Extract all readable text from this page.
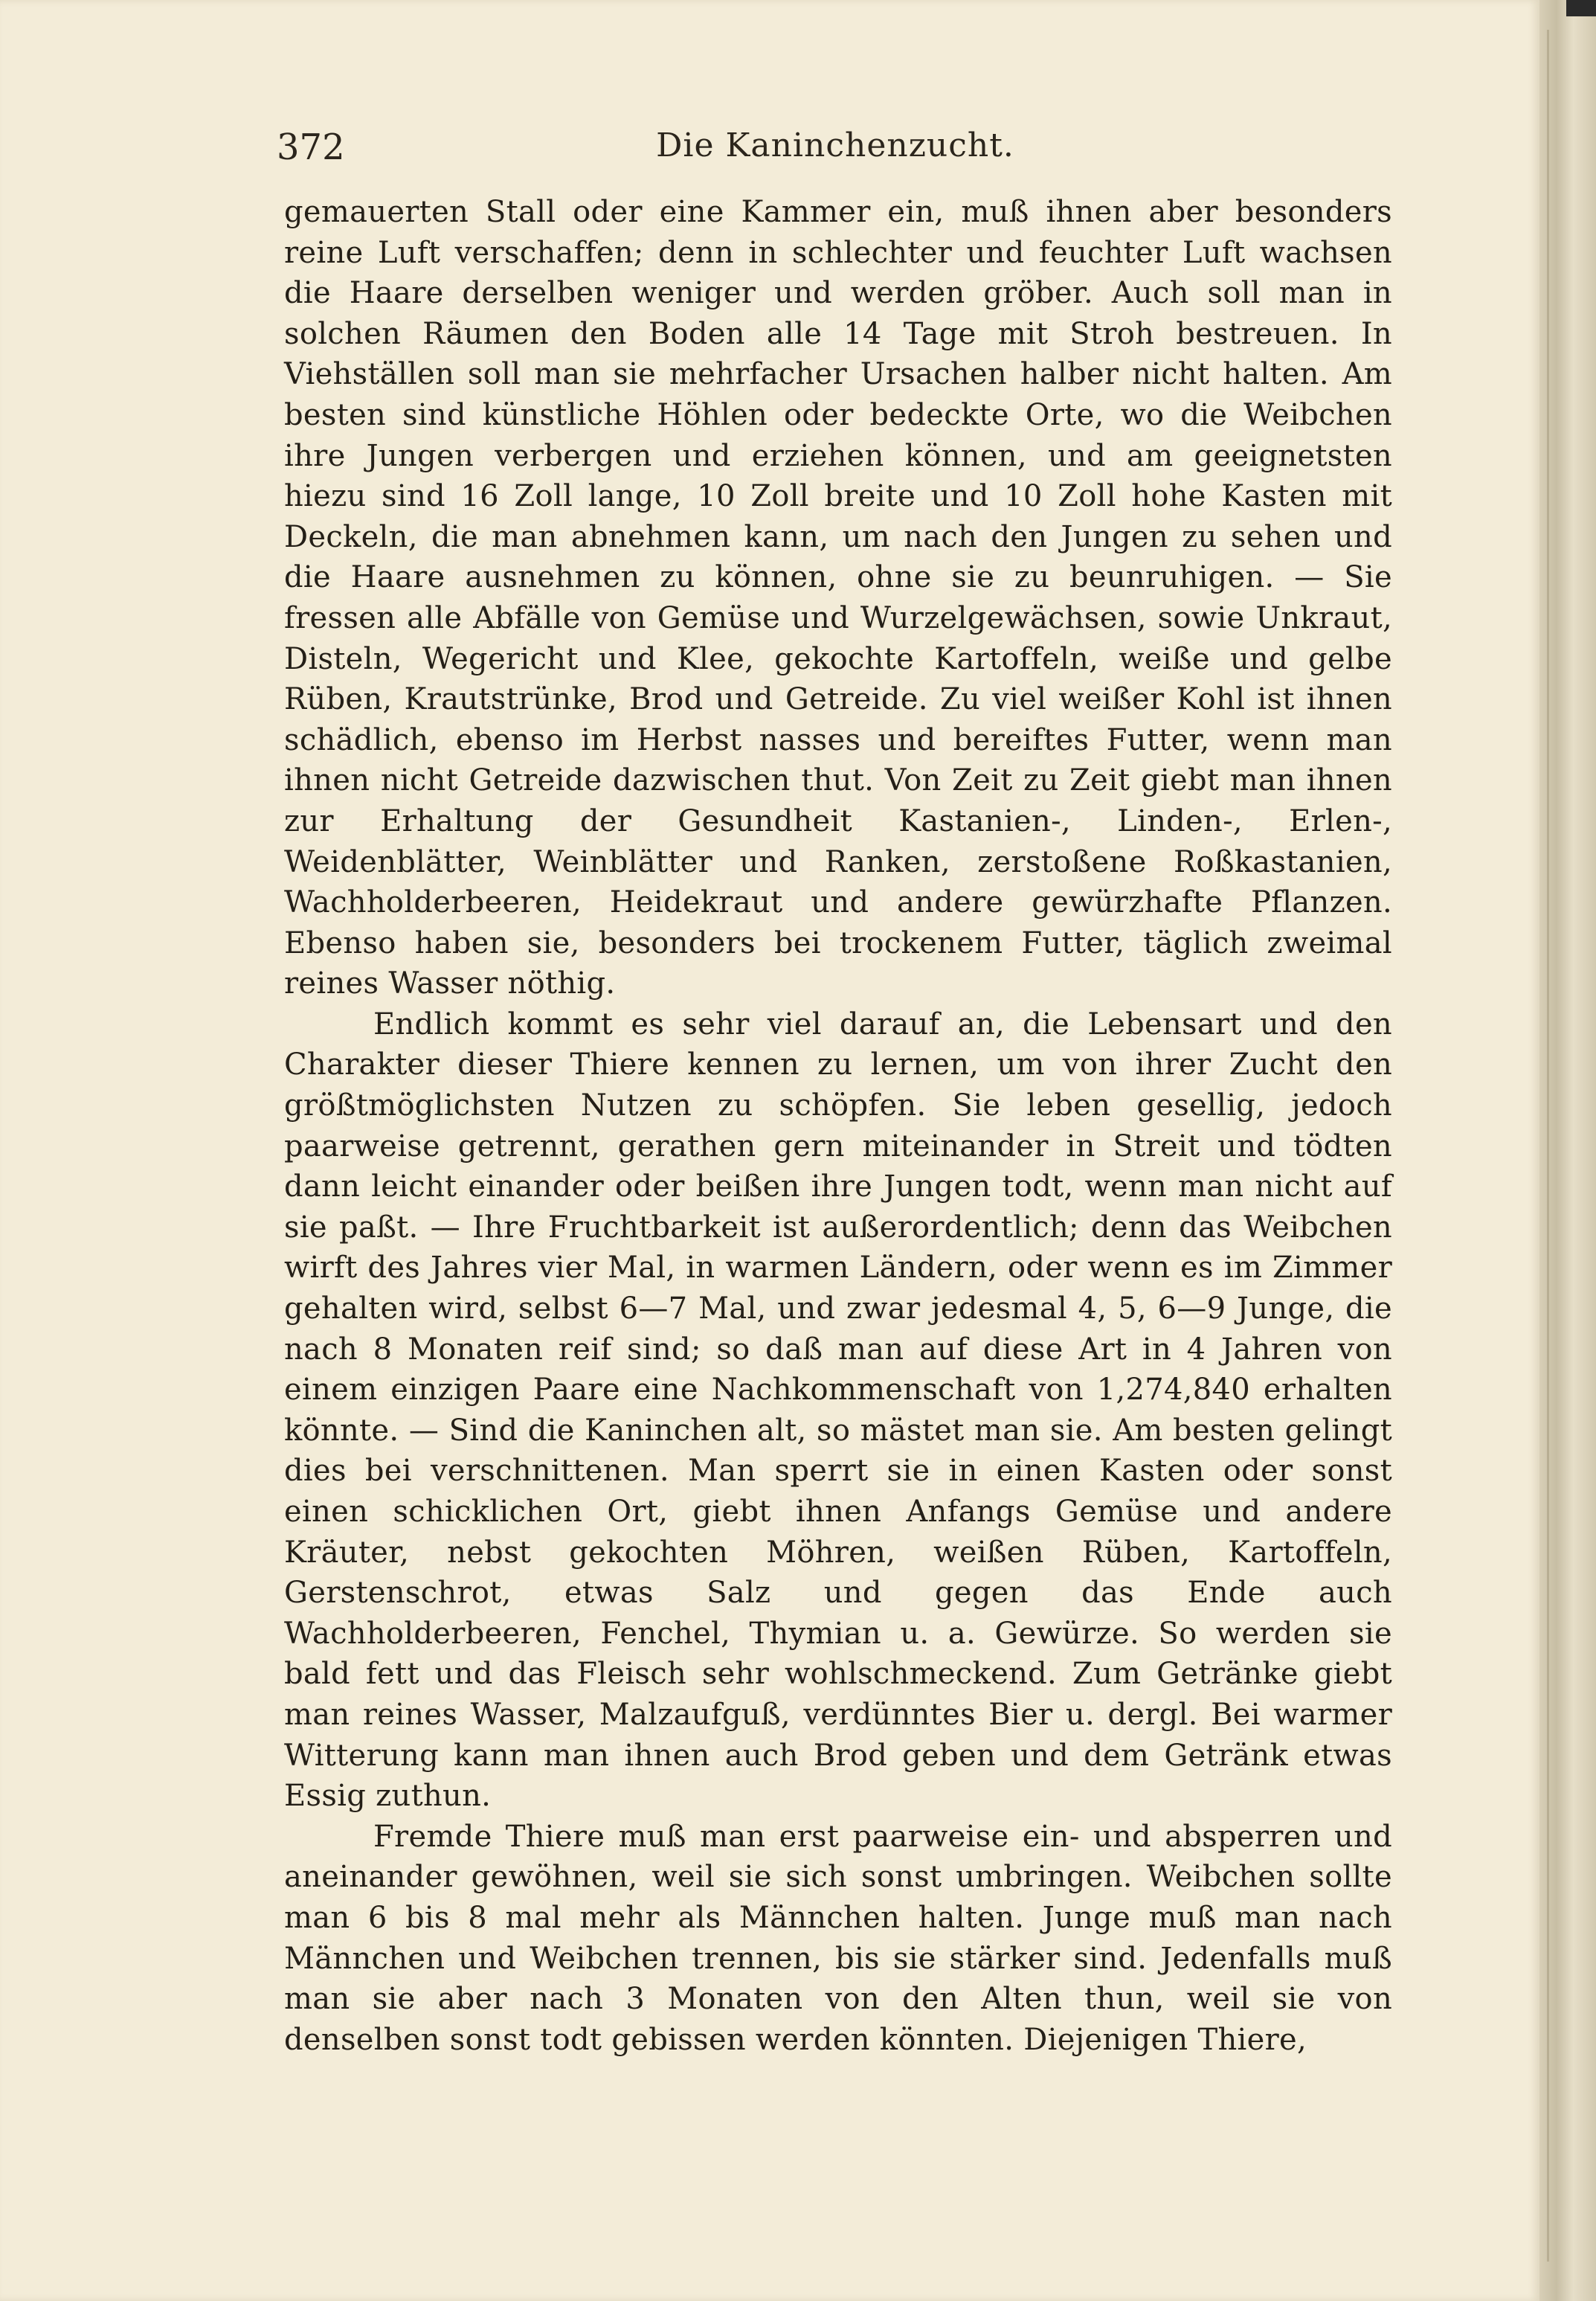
372	Die Kaninchenzucht.

gemauerten Stall oder eine Kammer ein, muß ihnen aber besonders reine Luft verschaffen; denn in schlechter und feuchter Luft wachsen die Haare derselben weniger und werden gröber. Auch soll man in solchen Räumen den Boden alle 14 Tage mit Stroh bestreuen. In Viehställen soll man sie mehrfacher Ursachen halber nicht halten. Am besten sind künstliche Höhlen oder bedeckte Orte, wo die Weibchen ihre Jungen verbergen und erziehen können, und am geeignetsten hiezu sind 16 Zoll lange, 10 Zoll breite und 10 Zoll hohe Kasten mit Deckeln, die man abnehmen kann, um nach den Jungen zu sehen und die Haare ausnehmen zu können, ohne sie zu beunruhigen. — Sie fressen alle Abfälle von Gemüse und Wurzelgewächsen, sowie Unkraut, Disteln, Wegericht und Klee, gekochte Kartoffeln, weiße und gelbe Rüben, Krautstrünke, Brod und Getreide. Zu viel weißer Kohl ist ihnen schädlich, ebenso im Herbst nasses und bereiftes Futter, wenn man ihnen nicht Getreide dazwischen thut. Von Zeit zu Zeit giebt man ihnen zur Erhaltung der Gesundheit Kastanien-, Linden-, Erlen-, Weidenblätter, Weinblätter und Ranken, zerstoßene Roßkastanien, Wachholderbeeren, Heidekraut und andere gewürzhafte Pflanzen. Ebenso haben sie, besonders bei trockenem Futter, täglich zweimal reines Wasser nöthig.

Endlich kommt es sehr viel darauf an, die Lebensart und den Charakter dieser Thiere kennen zu lernen, um von ihrer Zucht den größtmöglichsten Nutzen zu schöpfen. Sie leben gesellig, jedoch paarweise getrennt, gerathen gern miteinander in Streit und tödten dann leicht einander oder beißen ihre Jungen todt, wenn man nicht auf sie paßt. — Ihre Fruchtbarkeit ist außerordentlich; denn das Weibchen wirft des Jahres vier Mal, in warmen Ländern, oder wenn es im Zimmer gehalten wird, selbst 6—7 Mal, und zwar jedesmal 4, 5, 6—9 Junge, die nach 8 Monaten reif sind; so daß man auf diese Art in 4 Jahren von einem einzigen Paare eine Nachkommenschaft von 1,274,840 erhalten könnte. — Sind die Kaninchen alt, so mästet man sie. Am besten gelingt dies bei verschnittenen. Man sperrt sie in einen Kasten oder sonst einen schicklichen Ort, giebt ihnen Anfangs Gemüse und andere Kräuter, nebst gekochten Möhren, weißen Rüben, Kartoffeln, Gerstenschrot, etwas Salz und gegen das Ende auch Wachholderbeeren, Fenchel, Thymian u. a. Gewürze. So werden sie bald fett und das Fleisch sehr wohlschmeckend. Zum Getränke giebt man reines Wasser, Malzaufguß, verdünntes Bier u. dergl. Bei warmer Witterung kann man ihnen auch Brod geben und dem Getränk etwas Essig zuthun.

Fremde Thiere muß man erst paarweise ein- und absperren und aneinander gewöhnen, weil sie sich sonst umbringen. Weibchen sollte man 6 bis 8 mal mehr als Männchen halten. Junge muß man nach Männchen und Weibchen trennen, bis sie stärker sind. Jedenfalls muß man sie aber nach 3 Monaten von den Alten thun, weil sie von denselben sonst todt gebissen werden könnten. Diejenigen Thiere,
